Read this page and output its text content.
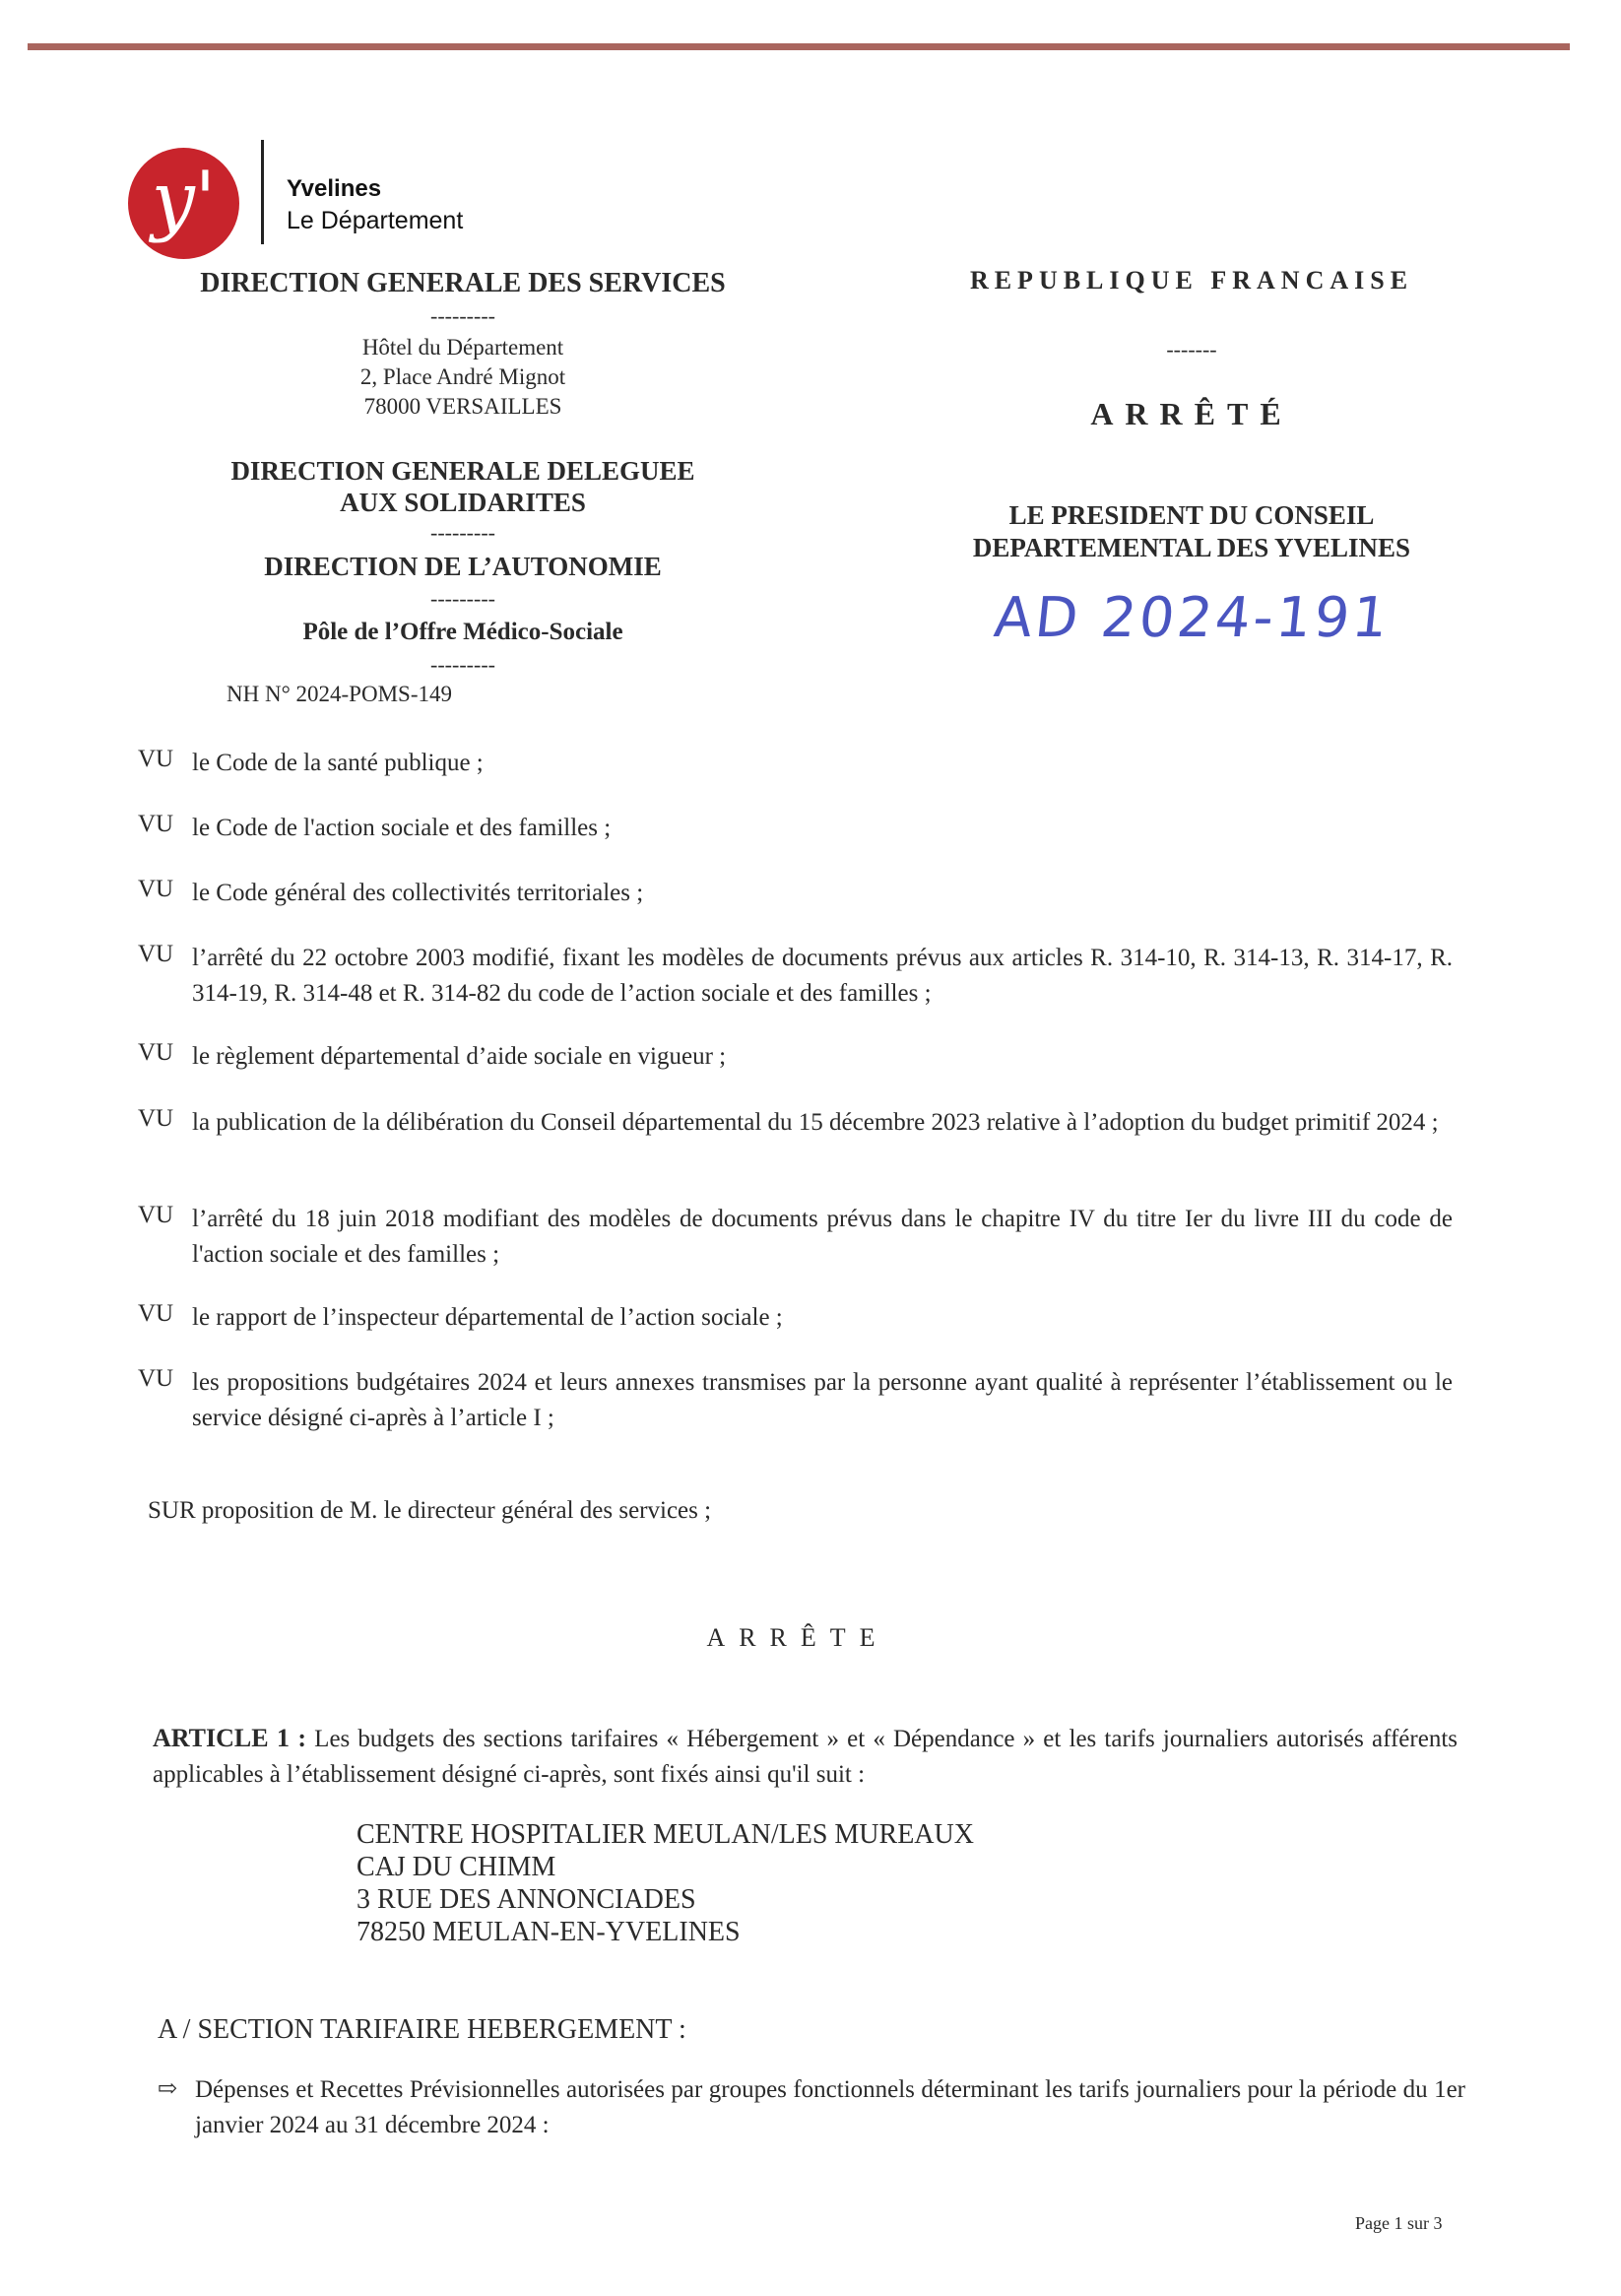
y'	Yvelines
Le Département
DIRECTION GENERALE DES SERVICES
---------
Hôtel du Département
2, Place André Mignot
78000 VERSAILLES
DIRECTION GENERALE DELEGUEE
AUX SOLIDARITES
---------
DIRECTION DE L’AUTONOMIE
---------
Pôle de l’Offre Médico-Sociale
---------
NH N° 2024-POMS-149
REPUBLIQUE FRANCAISE
-------
ARRÊTÉ
LE PRESIDENT DU CONSEIL
DEPARTEMENTAL DES YVELINES
AD 2024-191
VU le Code de la santé publique ;
VU le Code de l'action sociale et des familles ;
VU le Code général des collectivités territoriales ;
VU l’arrêté du 22 octobre 2003 modifié, fixant les modèles de documents prévus aux articles R. 314-10, R. 314-13, R. 314-17, R. 314-19, R. 314-48 et R. 314-82 du code de l’action sociale et des familles ;
VU le règlement départemental d’aide sociale en vigueur ;
VU la publication de la délibération du Conseil départemental du 15 décembre 2023 relative à l’adoption du budget primitif 2024 ;
VU l’arrêté du 18 juin 2018 modifiant des modèles de documents prévus dans le chapitre IV du titre Ier du livre III du code de l'action sociale et des familles ;
VU le rapport de l’inspecteur départemental de l’action sociale ;
VU les propositions budgétaires 2024 et leurs annexes transmises par la personne ayant qualité à représenter l’établissement ou le service désigné ci-après à l’article I ;
SUR proposition de M. le directeur général des services ;
ARRÊTE
ARTICLE 1 : Les budgets des sections tarifaires « Hébergement » et « Dépendance » et les tarifs journaliers autorisés afférents applicables à l’établissement désigné ci-après, sont fixés ainsi qu'il suit :
CENTRE HOSPITALIER MEULAN/LES MUREAUX
CAJ DU CHIMM
3 RUE DES ANNONCIADES
78250 MEULAN-EN-YVELINES
A / SECTION TARIFAIRE HEBERGEMENT :
⇨ Dépenses et Recettes Prévisionnelles autorisées par groupes fonctionnels déterminant les tarifs journaliers pour la période du 1er janvier 2024 au 31 décembre 2024 :
Page 1 sur 3
